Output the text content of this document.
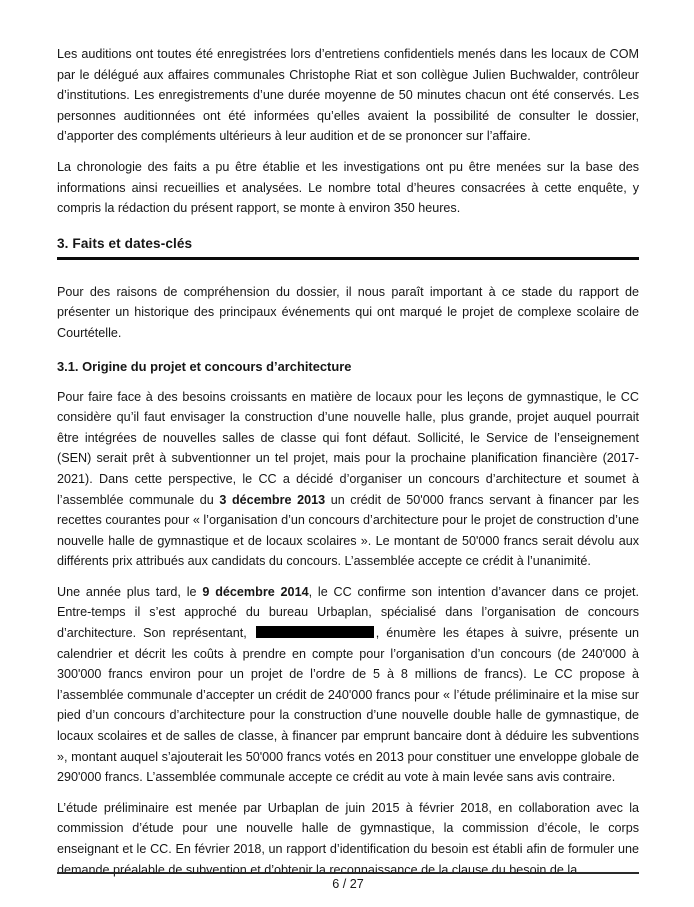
Les auditions ont toutes été enregistrées lors d’entretiens confidentiels menés dans les locaux de COM par le délégué aux affaires communales Christophe Riat et son collègue Julien Buchwalder, contrôleur d’institutions. Les enregistrements d’une durée moyenne de 50 minutes chacun ont été conservés. Les personnes auditionnées ont été informées qu’elles avaient la possibilité de consulter le dossier, d’apporter des compléments ultérieurs à leur audition et de se prononcer sur l’affaire.

La chronologie des faits a pu être établie et les investigations ont pu être menées sur la base des informations ainsi recueillies et analysées. Le nombre total d’heures consacrées à cette enquête, y compris la rédaction du présent rapport, se monte à environ 350 heures.

3. Faits et dates-clés

Pour des raisons de compréhension du dossier, il nous paraît important à ce stade du rapport de présenter un historique des principaux événements qui ont marqué le projet de complexe scolaire de Courtételle.

3.1. Origine du projet et concours d’architecture

Pour faire face à des besoins croissants en matière de locaux pour les leçons de gymnastique, le CC considère qu’il faut envisager la construction d’une nouvelle halle, plus grande, projet auquel pourrait être intégrées de nouvelles salles de classe qui font défaut. Sollicité, le Service de l’enseignement (SEN) serait prêt à subventionner un tel projet, mais pour la prochaine planification financière (2017-2021). Dans cette perspective, le CC a décidé d’organiser un concours d’architecture et soumet à l’assemblée communale du 3 décembre 2013 un crédit de 50'000 francs servant à financer par les recettes courantes pour « l’organisation d’un concours d’architecture pour le projet de construction d’une nouvelle halle de gymnastique et de locaux scolaires ». Le montant de 50'000 francs serait dévolu aux différents prix attribués aux candidats du concours. L’assemblée accepte ce crédit à l’unanimité.

Une année plus tard, le 9 décembre 2014, le CC confirme son intention d’avancer dans ce projet. Entre-temps il s’est approché du bureau Urbaplan, spécialisé dans l’organisation de concours d’architecture. Son représentant,	, énumère les étapes à suivre, présente un calendrier et décrit les coûts à prendre en compte pour l’organisation d’un concours (de 240'000 à 300'000 francs environ pour un projet de l’ordre de 5 à 8 millions de francs). Le CC propose à l’assemblée communale d’accepter un crédit de 240'000 francs pour « l’étude préliminaire et la mise sur pied d’un concours d’architecture pour la construction d’une nouvelle double halle de gymnastique, de locaux scolaires et de salles de classe, à financer par emprunt bancaire dont à déduire les subventions », montant auquel s’ajouterait les 50'000 francs votés en 2013 pour constituer une enveloppe globale de 290'000 francs. L’assemblée communale accepte ce crédit au vote à main levée sans avis contraire.

L’étude préliminaire est menée par Urbaplan de juin 2015 à février 2018, en collaboration avec la commission d’étude pour une nouvelle halle de gymnastique, la commission d’école, le corps enseignant et le CC. En février 2018, un rapport d’identification du besoin est établi afin de formuler une demande préalable de subvention et d’obtenir la reconnaissance de la clause du besoin de la

6 / 27
